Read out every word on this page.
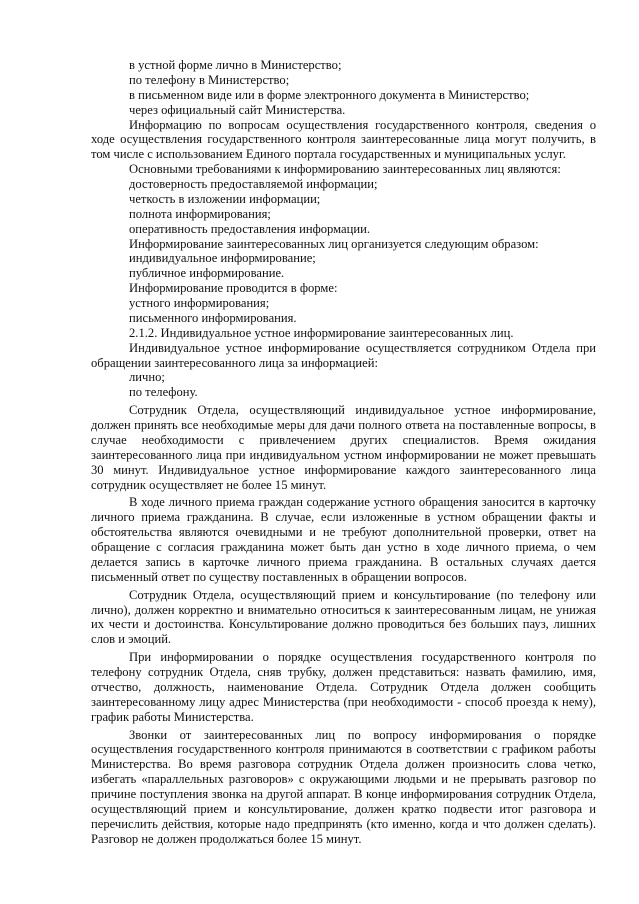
в устной форме лично в Министерство;

по телефону в Министерство;

в письменном виде или в форме электронного документа в Министерство;

через официальный сайт Министерства.

Информацию по вопросам осуществления государственного контроля, сведения о ходе осуществления государственного контроля заинтересованные лица могут получить, в том числе с использованием Единого портала государственных и муниципальных услуг.

Основными требованиями к информированию заинтересованных лиц являются:

достоверность предоставляемой информации;

четкость в изложении информации;

полнота информирования;

оперативность предоставления информации.

Информирование заинтересованных лиц организуется следующим образом:

индивидуальное информирование;

публичное информирование.

Информирование проводится в форме:

устного информирования;

письменного информирования.

2.1.2. Индивидуальное устное информирование заинтересованных лиц.

Индивидуальное устное информирование осуществляется сотрудником Отдела при обращении заинтересованного лица за информацией:

лично;

по телефону.

Сотрудник Отдела, осуществляющий индивидуальное устное информирование, должен принять все необходимые меры для дачи полного ответа на поставленные вопросы, в случае необходимости с привлечением других специалистов. Время ожидания заинтересованного лица при индивидуальном устном информировании не может превышать 30 минут. Индивидуальное устное информирование каждого заинтересованного лица сотрудник осуществляет не более 15 минут.

В ходе личного приема граждан содержание устного обращения заносится в карточку личного приема гражданина. В случае, если изложенные в устном обращении факты и обстоятельства являются очевидными и не требуют дополнительной проверки, ответ на обращение с согласия гражданина может быть дан устно в ходе личного приема, о чем делается запись в карточке личного приема гражданина. В остальных случаях дается письменный ответ по существу поставленных в обращении вопросов.

Сотрудник Отдела, осуществляющий прием и консультирование (по телефону или лично), должен корректно и внимательно относиться к заинтересованным лицам, не унижая их чести и достоинства. Консультирование должно проводиться без больших пауз, лишних слов и эмоций.

При информировании о порядке осуществления государственного контроля по телефону сотрудник Отдела, сняв трубку, должен представиться: назвать фамилию, имя, отчество, должность, наименование Отдела. Сотрудник Отдела должен сообщить заинтересованному лицу адрес Министерства (при необходимости - способ проезда к нему), график работы Министерства.

Звонки от заинтересованных лиц по вопросу информирования о порядке осуществления государственного контроля принимаются в соответствии с графиком работы Министерства. Во время разговора сотрудник Отдела должен произносить слова четко, избегать «параллельных разговоров» с окружающими людьми и не прерывать разговор по причине поступления звонка на другой аппарат. В конце информирования сотрудник Отдела, осуществляющий прием и консультирование, должен кратко подвести итог разговора и перечислить действия, которые надо предпринять (кто именно, когда и что должен сделать). Разговор не должен продолжаться более 15 минут.
